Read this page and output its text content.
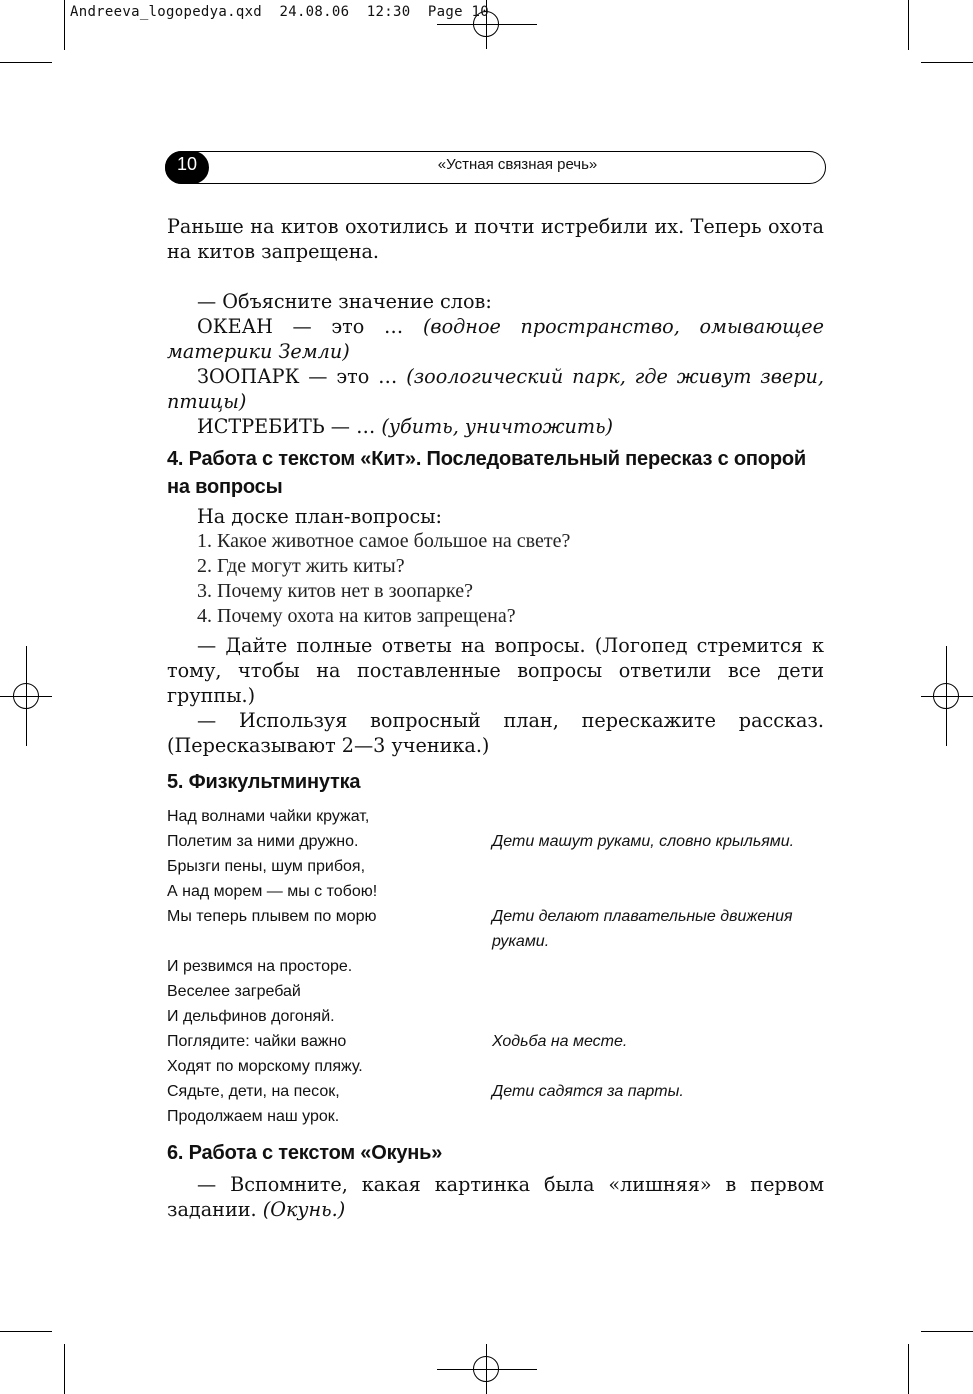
Andreeva_logopedya.qxd  24.08.06  12:30  Page 10
10	«Устная связная речь»

Раньше на китов охотились и почти истребили их. Теперь охота на китов запрещена.

— Объясните значение слов:

ОКЕАН — это … (водное пространство, омывающее материки Земли)

ЗООПАРК — это … (зоологический парк, где живут звери, птицы)

ИСТРЕБИТЬ — … (убить, уничтожить)

4. Работа с текстом «Кит». Последовательный пересказ с опорой на вопросы

На доске план-вопросы:

1. Какое животное самое большое на свете?
2. Где могут жить киты?
3. Почему китов нет в зоопарке?
4. Почему охота на китов запрещена?

— Дайте полные ответы на вопросы. (Логопед стремится к тому, чтобы на поставленные вопросы ответили все дети группы.)

— Используя вопросный план, перескажите рассказ. (Пересказывают 2—3 ученика.)

5. Физкультминутка
Над волнами чайки кружат,
Полетим за ними дружно.	Дети машут руками, словно крыльями.
Брызги пены, шум прибоя,
А над морем — мы с тобою!
Мы теперь плывем по морю	Дети делают плавательные движения руками.
И резвимся на просторе.
Веселее загребай
И дельфинов догоняй.
Поглядите: чайки важно	Ходьба на месте.
Ходят по морскому пляжу.
Сядьте, дети, на песок,	Дети садятся за парты.
Продолжаем наш урок.
6. Работа с текстом «Окунь»

— Вспомните, какая картинка была «лишняя» в первом задании. (Окунь.)
